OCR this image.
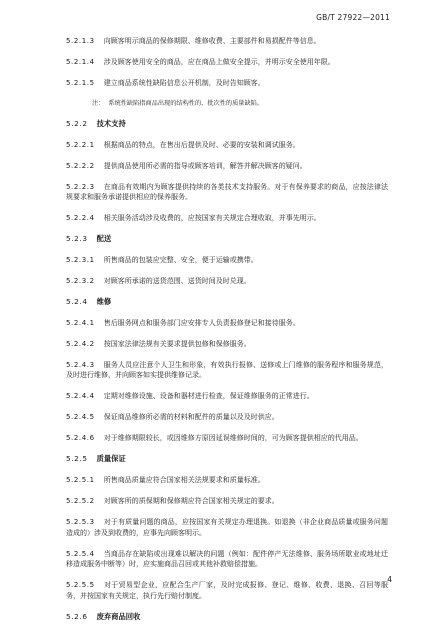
GB/T 27922—2011
5.2.1.3 向顾客明示商品的保修期限、维修收费、主要部件和易损配件等信息。
5.2.1.4 涉及顾客使用安全的商品，应在商品上做安全提示，并明示安全使用年限。
5.2.1.5 建立商品系统性缺陷信息公开机制，及时告知顾客。
注： 系统性缺陷指商品出现的结构性的、批次性的质量缺陷。
5.2.2 技术支持
5.2.2.1 根据商品的特点，在售出后提供及时、必要的安装和调试服务。
5.2.2.2 提供商品使用所必需的指导或顾客培训，解答并解决顾客的疑问。
5.2.2.3 在商品有效期内为顾客提供持续的各类技术支持服务。对于有保养要求的商品，应按法律法规要求和服务承诺提供相应的保养服务。
5.2.2.4 相关服务活动涉及收费的，应按国家有关规定合理收取，并事先明示。
5.2.3 配送
5.2.3.1 所售商品的包装应完整、安全，便于运输或携带。
5.2.3.2 对顾客所承诺的送货范围、送货时间及时兑现。
5.2.4 维修
5.2.4.1 售后服务网点和服务部门应安排专人负责报修登记和接待服务。
5.2.4.2 按国家法律法规有关要求提供包修和保修服务。
5.2.4.3 服务人员应注意个人卫生和形象，有效执行报修、送修或上门维修的服务程序和服务规范，及时进行维修，并向顾客如实提供维修记录。
5.2.4.4 定期对维修设施、设备和器材进行检查，保证维修服务的正常进行。
5.2.4.5 保证商品维修所必需的材料和配件的质量以及及时供应。
5.2.4.6 对于维修期限较长，或因维修方原因延误维修时间的，可为顾客提供相应的代用品。
5.2.5 质量保证
5.2.5.1 所售商品质量应符合国家相关法规要求和质量标准。
5.2.5.2 对顾客所的质保期和保修期应符合国家相关规定的要求。
5.2.5.3 对于有质量问题的商品，应按国家有关规定办理退换。如退换（非企业商品质量或服务问题造成的）涉及到收费的，应事先向顾客明示。
5.2.5.4 当商品存在缺陷或出现难以解决的问题（例如：配件停产无法维修、服务场所歇业或地址迁移造成服务中断等）时，应实施商品召回或其他补救赔偿措施。
5.2.5.5 对于贸易型企业，应配合生产厂家，及时完成报修、登记、维修、收费、退换、召回等服务，并按国家有关规定，执行先行赔付制度。
5.2.6 废弃商品回收
4
